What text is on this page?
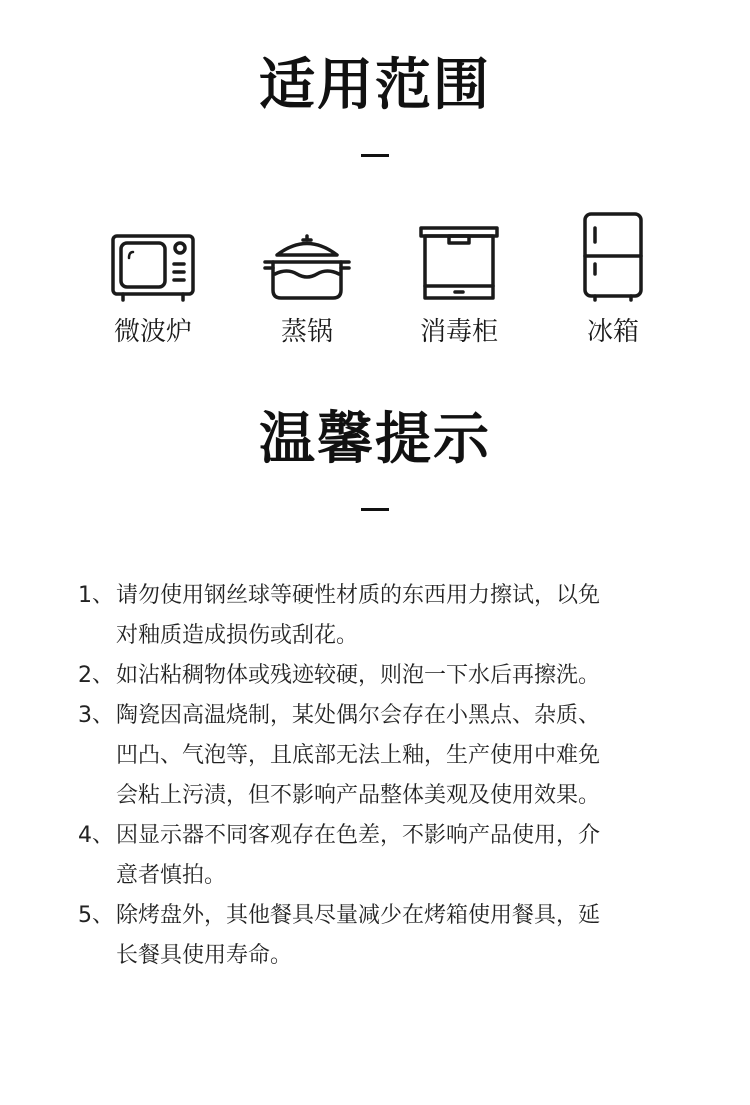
适用范围
微波炉	蒸锅	消毒柜	冰箱
温馨提示
1、请勿使用钢丝球等硬性材质的东西用力擦试，以免
对釉质造成损伤或刮花。
2、如沾粘稠物体或残迹较硬，则泡一下水后再擦洗。
3、陶瓷因高温烧制，某处偶尔会存在小黑点、杂质、
凹凸、气泡等，且底部无法上釉，生产使用中难免
会粘上污渍，但不影响产品整体美观及使用效果。
4、因显示器不同客观存在色差，不影响产品使用，介
意者慎拍。
5、除烤盘外，其他餐具尽量减少在烤箱使用餐具，延
长餐具使用寿命。
